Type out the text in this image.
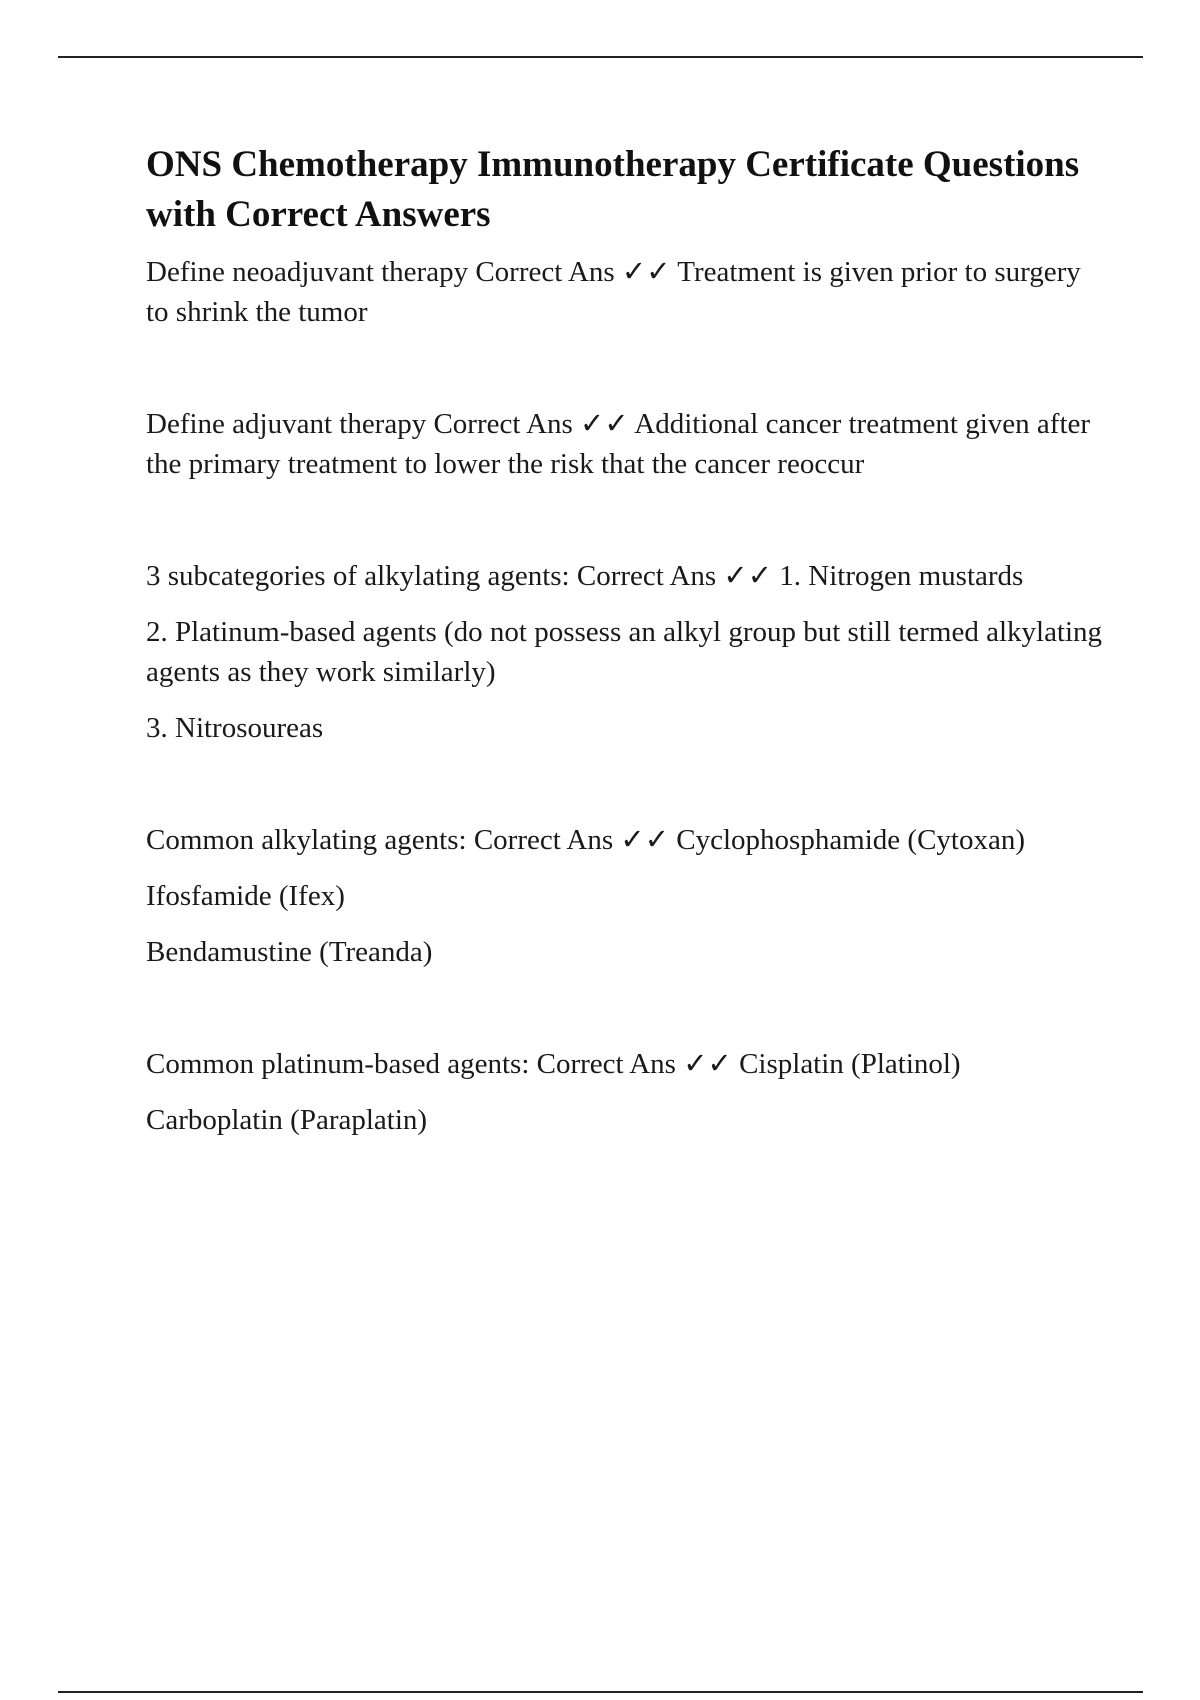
ONS Chemotherapy Immunotherapy Certificate Questions with Correct Answers

Define neoadjuvant therapy Correct Ans ✓✓ Treatment is given prior to surgery to shrink the tumor

Define adjuvant therapy Correct Ans ✓✓ Additional cancer treatment given after the primary treatment to lower the risk that the cancer reoccur

3 subcategories of alkylating agents: Correct Ans ✓✓ 1. Nitrogen mustards

2. Platinum-based agents (do not possess an alkyl group but still termed alkylating agents as they work similarly)

3. Nitrosoureas

Common alkylating agents: Correct Ans ✓✓ Cyclophosphamide (Cytoxan)

Ifosfamide (Ifex)

Bendamustine (Treanda)

Common platinum-based agents: Correct Ans ✓✓ Cisplatin (Platinol)

Carboplatin (Paraplatin)
